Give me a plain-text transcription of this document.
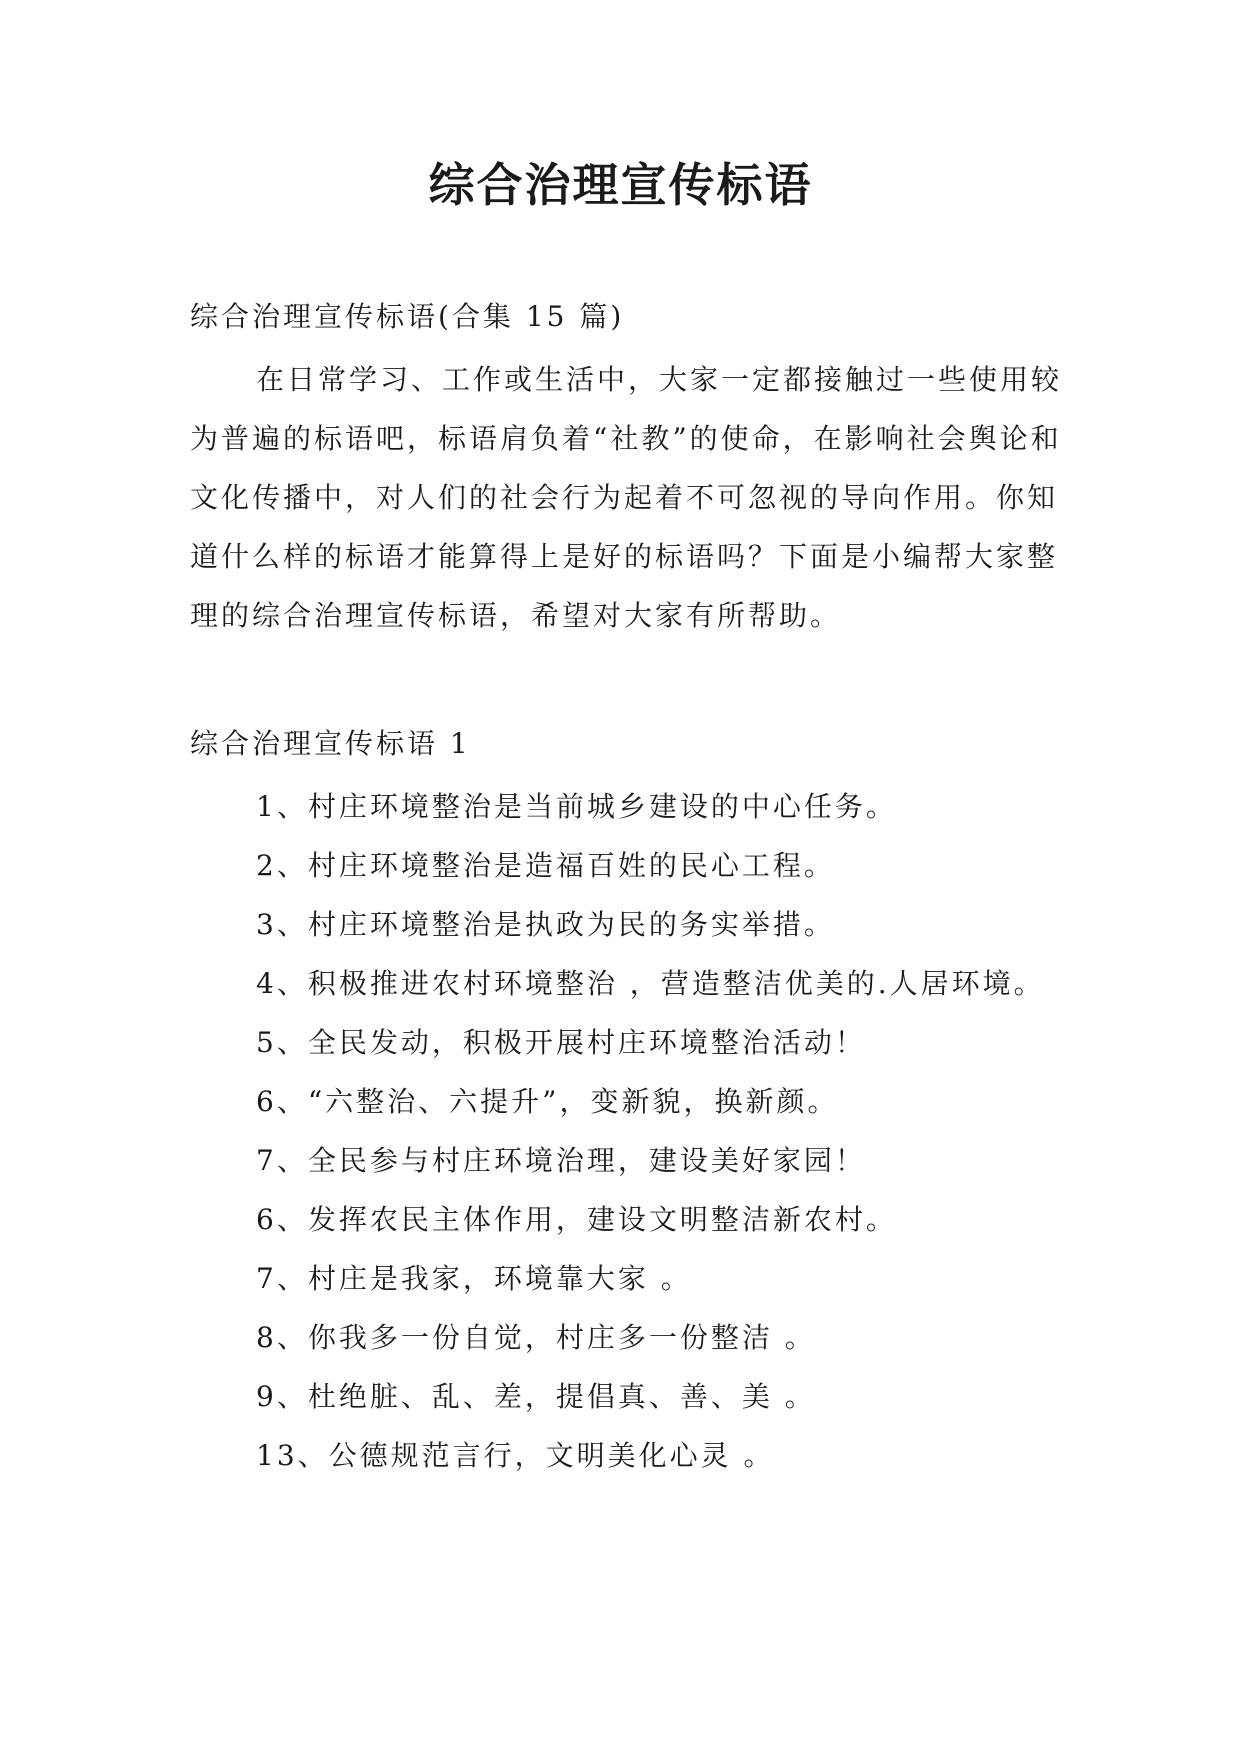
综合治理宣传标语

综合治理宣传标语(合集 15 篇)

在日常学习、工作或生活中，大家一定都接触过一些使用较为普遍的标语吧，标语肩负着“社教”的使命，在影响社会舆论和文化传播中，对人们的社会行为起着不可忽视的导向作用。你知道什么样的标语才能算得上是好的标语吗？下面是小编帮大家整理的综合治理宣传标语，希望对大家有所帮助。

综合治理宣传标语 1

1、村庄环境整治是当前城乡建设的中心任务。
2、村庄环境整治是造福百姓的民心工程。
3、村庄环境整治是执政为民的务实举措。
4、积极推进农村环境整治 ，营造整洁优美的.人居环境。
5、全民发动，积极开展村庄环境整治活动！
6、“六整治、六提升”，变新貌，换新颜。
7、全民参与村庄环境治理，建设美好家园！
6、发挥农民主体作用，建设文明整洁新农村。
7、村庄是我家，环境靠大家 。
8、你我多一份自觉，村庄多一份整洁 。
9、杜绝脏、乱、差，提倡真、善、美 。
13、公德规范言行，文明美化心灵 。
